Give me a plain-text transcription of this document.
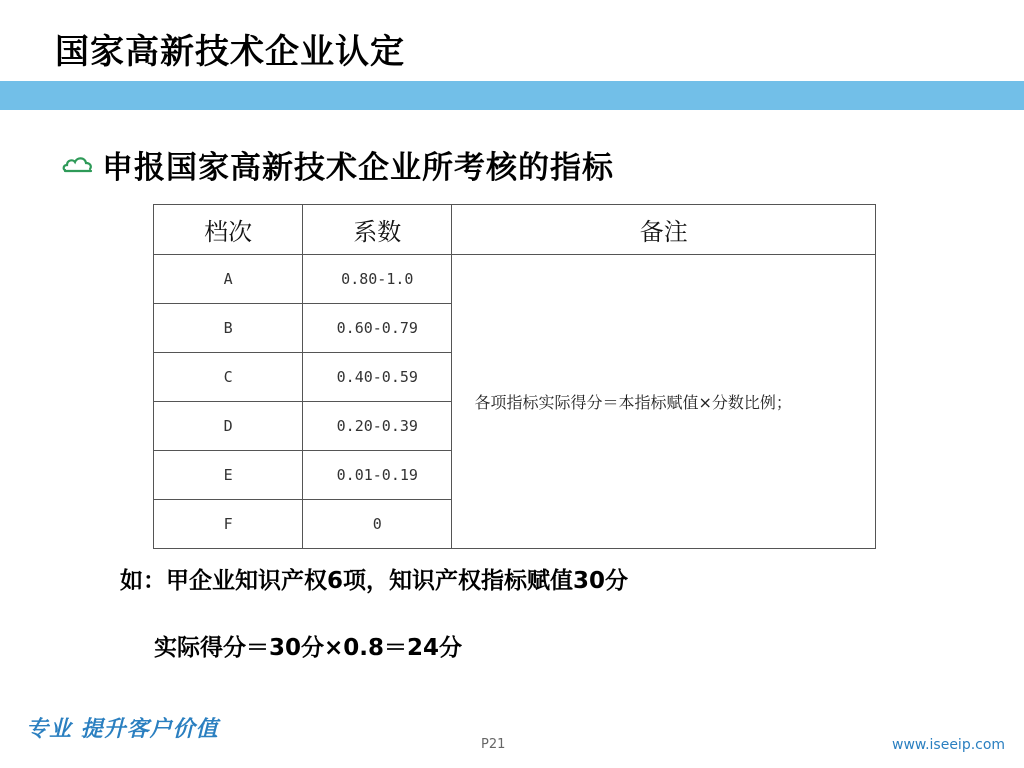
国家高新技术企业认定
申报国家高新技术企业所考核的指标
档次	系数	备注
A	0.80-1.0	各项指标实际得分＝本指标赋值×分数比例；
B	0.60-0.79	
C	0.40-0.59	
D	0.20-0.39	
E	0.01-0.19	
F	0	
如：甲企业知识产权6项，知识产权指标赋值30分
实际得分＝30分×0.8＝24分
专业 提升客户价值
P21	www.iseeip.com
